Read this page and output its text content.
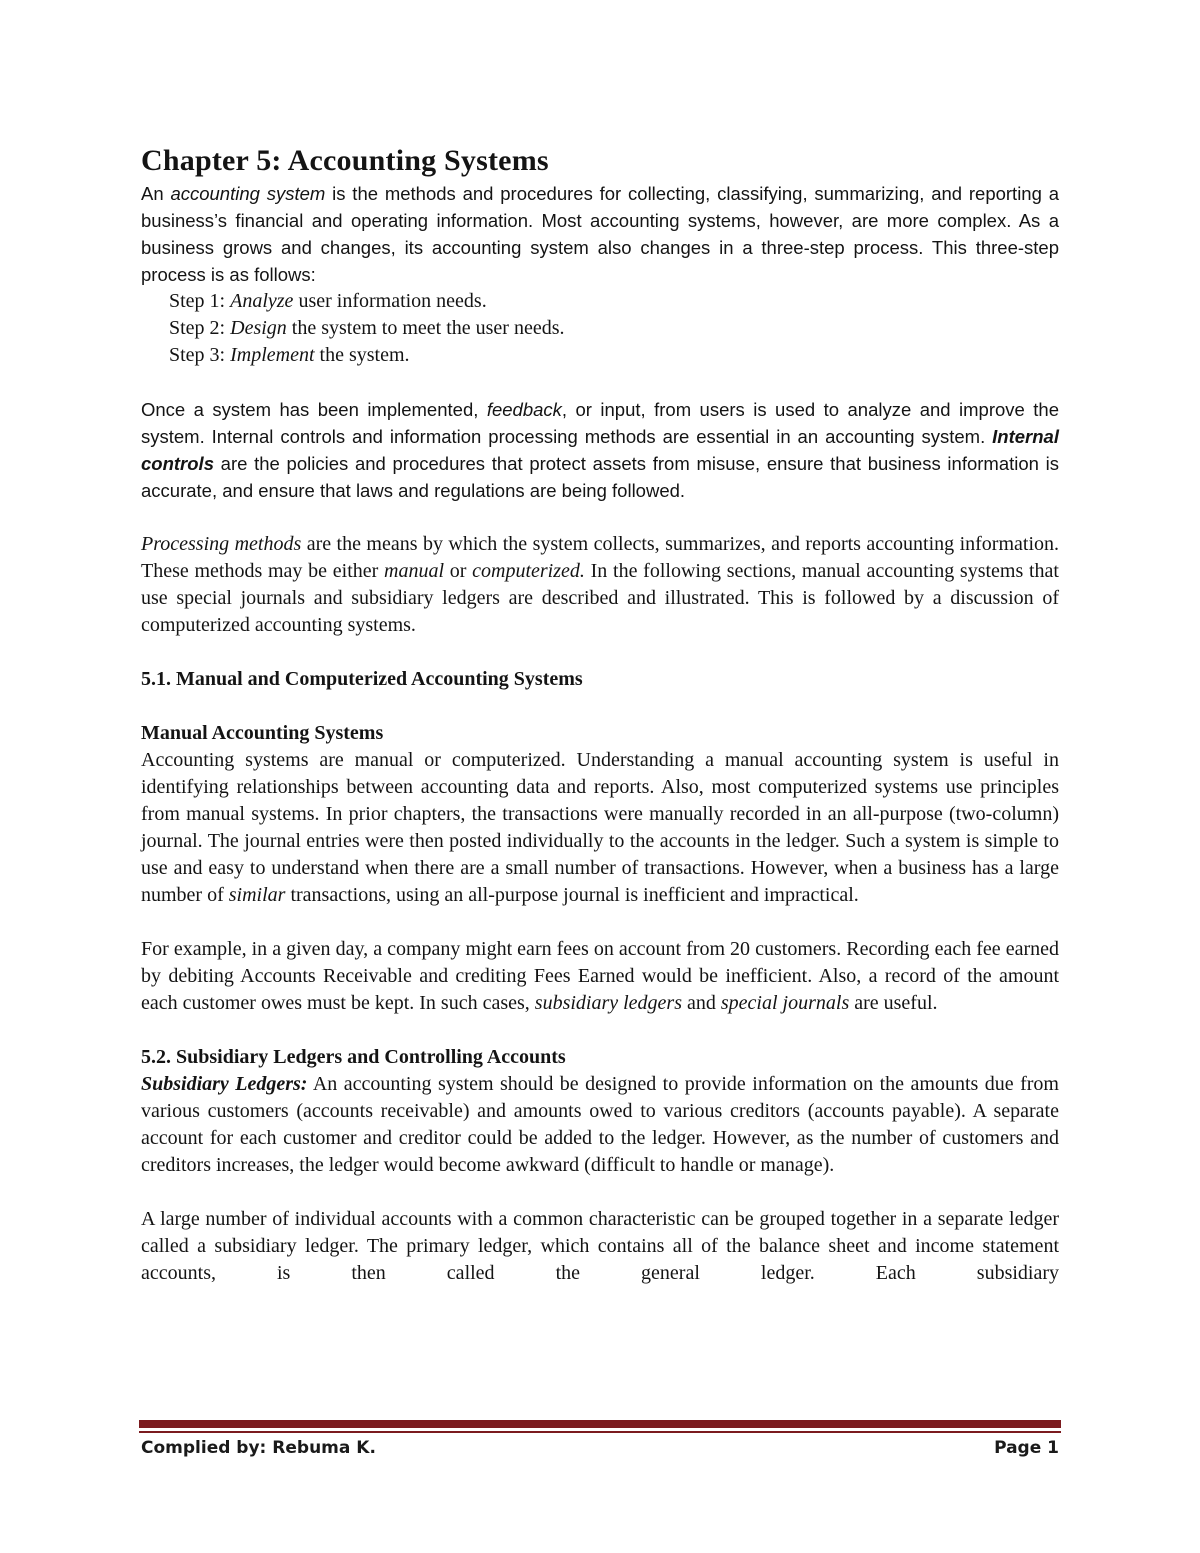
Chapter 5: Accounting Systems

An accounting system is the methods and procedures for collecting, classifying, summarizing, and reporting a business’s financial and operating information. Most accounting systems, however, are more complex. As a business grows and changes, its accounting system also changes in a three-step process. This three-step process is as follows:

Step 1: Analyze user information needs.
Step 2: Design the system to meet the user needs.
Step 3: Implement the system.

Once a system has been implemented, feedback, or input, from users is used to analyze and improve the system. Internal controls and information processing methods are essential in an accounting system. Internal controls are the policies and procedures that protect assets from misuse, ensure that business information is accurate, and ensure that laws and regulations are being followed.

Processing methods are the means by which the system collects, summarizes, and reports accounting information. These methods may be either manual or computerized. In the following sections, manual accounting systems that use special journals and subsidiary ledgers are described and illustrated. This is followed by a discussion of computerized accounting systems.

5.1. Manual and Computerized Accounting Systems
Manual Accounting Systems

Accounting systems are manual or computerized. Understanding a manual accounting system is useful in identifying relationships between accounting data and reports. Also, most computerized systems use principles from manual systems. In prior chapters, the transactions were manually recorded in an all-purpose (two-column) journal. The journal entries were then posted individually to the accounts in the ledger. Such a system is simple to use and easy to understand when there are a small number of transactions. However, when a business has a large number of similar transactions, using an all-purpose journal is inefficient and impractical.

For example, in a given day, a company might earn fees on account from 20 customers. Recording each fee earned by debiting Accounts Receivable and crediting Fees Earned would be inefficient. Also, a record of the amount each customer owes must be kept. In such cases, subsidiary ledgers and special journals are useful.

5.2. Subsidiary Ledgers and Controlling Accounts

Subsidiary Ledgers: An accounting system should be designed to provide information on the amounts due from various customers (accounts receivable) and amounts owed to various creditors (accounts payable). A separate account for each customer and creditor could be added to the ledger. However, as the number of customers and creditors increases, the ledger would become awkward (difficult to handle or manage).

A large number of individual accounts with a common characteristic can be grouped together in a separate ledger called a subsidiary ledger. The primary ledger, which contains all of the balance sheet and income statement accounts, is then called the general ledger. Each subsidiary

Complied by: Rebuma K.	Page 1
